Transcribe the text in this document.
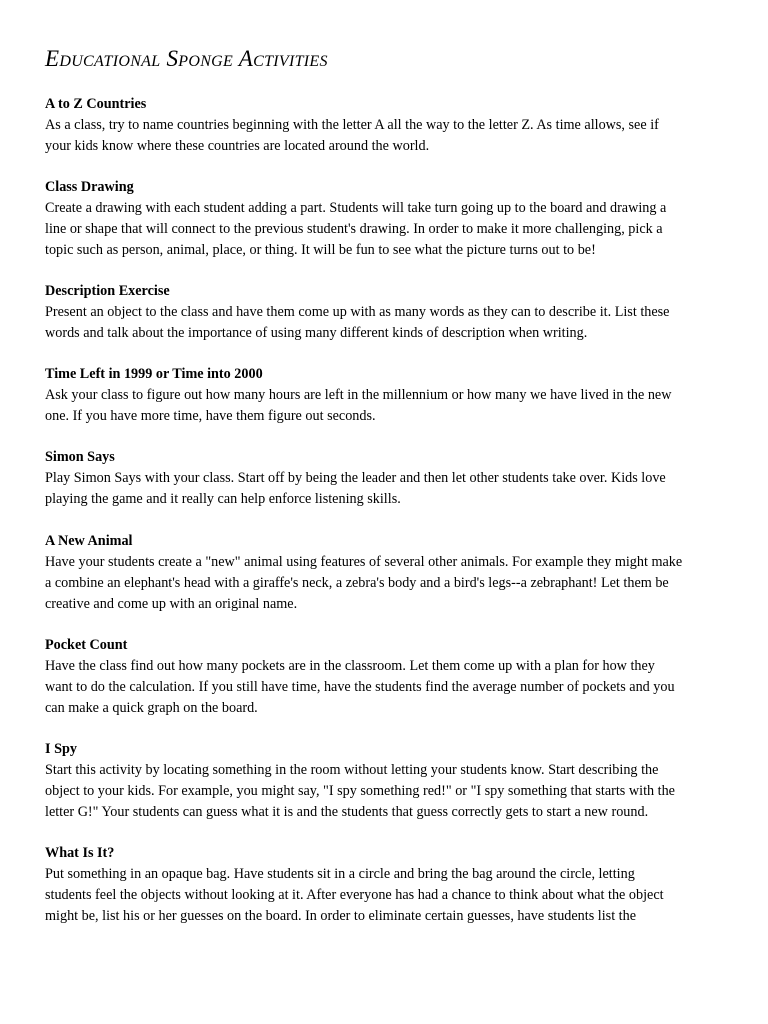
Educational Sponge Activities
A to Z Countries

As a class, try to name countries beginning with the letter A all the way to the letter Z. As time allows, see if
your kids know where these countries are located around the world.

Class Drawing

Create a drawing with each student adding a part. Students will take turn going up to the board and drawing a
line or shape that will connect to the previous student's drawing. In order to make it more challenging, pick a
topic such as person, animal, place, or thing. It will be fun to see what the picture turns out to be!

Description Exercise

Present an object to the class and have them come up with as many words as they can to describe it. List these
words and talk about the importance of using many different kinds of description when writing.

Time Left in 1999 or Time into 2000

Ask your class to figure out how many hours are left in the millennium or how many we have lived in the new
one. If you have more time, have them figure out seconds.

Simon Says

Play Simon Says with your class. Start off by being the leader and then let other students take over. Kids love
playing the game and it really can help enforce listening skills.

A New Animal

Have your students create a "new" animal using features of several other animals. For example they might make
a combine an elephant's head with a giraffe's neck, a zebra's body and a bird's legs--a zebraphant! Let them be
creative and come up with an original name.

Pocket Count

Have the class find out how many pockets are in the classroom. Let them come up with a plan for how they
want to do the calculation. If you still have time, have the students find the average number of pockets and you
can make a quick graph on the board.

I Spy

Start this activity by locating something in the room without letting your students know. Start describing the
object to your kids. For example, you might say, "I spy something red!" or "I spy something that starts with the
letter G!" Your students can guess what it is and the students that guess correctly gets to start a new round.

What Is It?

Put something in an opaque bag. Have students sit in a circle and bring the bag around the circle, letting
students feel the objects without looking at it. After everyone has had a chance to think about what the object
might be, list his or her guesses on the board. In order to eliminate certain guesses, have students list the
